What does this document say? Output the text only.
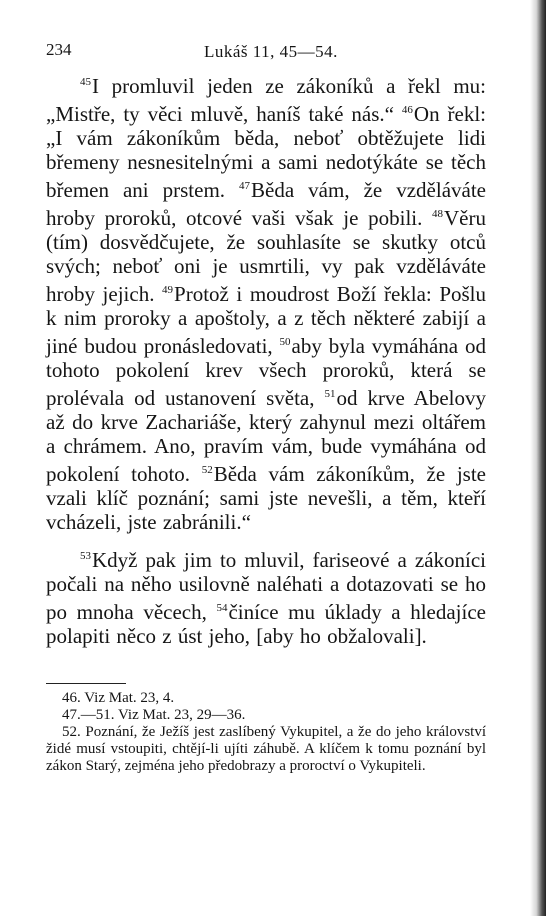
234	Lukáš 11, 45—54.

$^{45}$I promluvil jeden ze zákoníků a řekl mu: „Mistře, ty věci mluvě, haníš také nás.“ $^{46}$On řekl: „I vám zákoníkům běda, neboť obtěžujete lidi břemeny nesnesitelnými a sami nedotýkáte se těch břemen ani prstem. $^{47}$Běda vám, že vzděláváte hroby proroků, otcové vaši však je pobili. $^{48}$Věru (tím) dosvědčujete, že souhlasíte se skutky otců svých; neboť oni je usmrtili, vy pak vzděláváte hroby jejich. $^{49}$Protož i moudrost Boží řekla: Pošlu k nim proroky a apoštoly, a z těch některé zabijí a jiné budou pronásledovati, $^{50}$aby byla vymáhána od tohoto pokolení krev všech proroků, která se prolévala od ustanovení světa, $^{51}$od krve Abelovy až do krve Zachariáše, který zahynul mezi oltářem a chrámem. Ano, pravím vám, bude vymáhána od pokolení tohoto. $^{52}$Běda vám zákoníkům, že jste vzali klíč poznání; sami jste nevešli, a těm, kteří vcházeli, jste zabránili.“

$^{53}$Když pak jim to mluvil, fariseové a zákoníci počali na něho usilovně naléhati a dotazovati se ho po mnoha věcech, $^{54}$činíce mu úklady a hledajíce polapiti něco z úst jeho, [aby ho obžalovali].

46. Viz Mat. 23, 4.

47.—51. Viz Mat. 23, 29—36.

52. Poznání, že Ježíš jest zaslíbený Vykupitel, a že do jeho království židé musí vstoupiti, chtějí-li ujíti záhubě. A klíčem k tomu poznání byl zákon Starý, zejména jeho předobrazy a proroctví o Vykupiteli.
